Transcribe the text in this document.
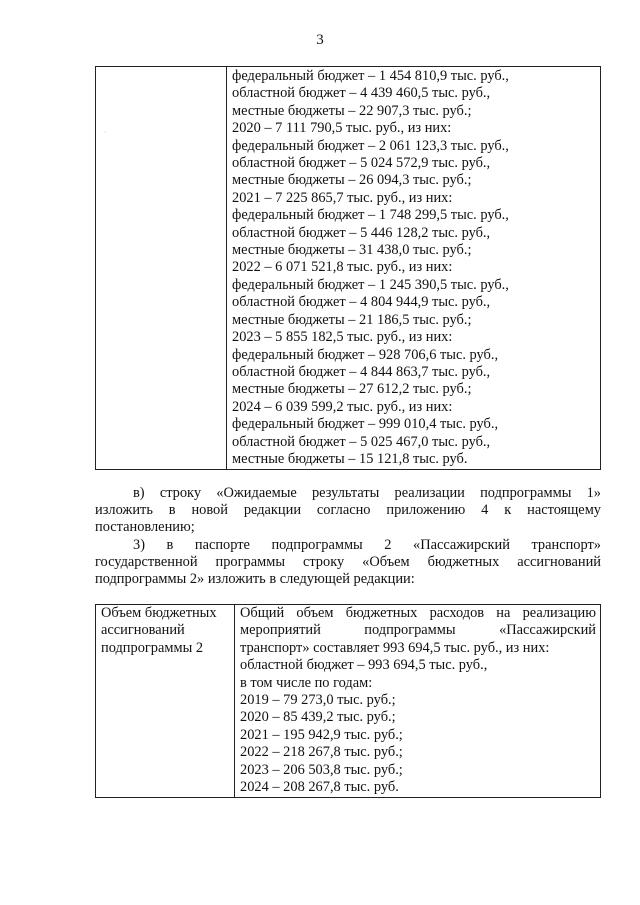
3
·

федеральный бюджет – 1 454 810,9 тыс. руб.,
областной бюджет – 4 439 460,5 тыс. руб.,
местные бюджеты – 22 907,3 тыс. руб.;
2020 – 7 111 790,5 тыс. руб., из них:
федеральный бюджет – 2 061 123,3 тыс. руб.,
областной бюджет – 5 024 572,9 тыс. руб.,
местные бюджеты – 26 094,3 тыс. руб.;
2021 – 7 225 865,7 тыс. руб., из них:
федеральный бюджет – 1 748 299,5 тыс. руб.,
областной бюджет – 5 446 128,2 тыс. руб.,
местные бюджеты – 31 438,0 тыс. руб.;
2022 – 6 071 521,8 тыс. руб., из них:
федеральный бюджет – 1 245 390,5 тыс. руб.,
областной бюджет – 4 804 944,9 тыс. руб.,
местные бюджеты – 21 186,5 тыс. руб.;
2023 – 5 855 182,5 тыс. руб., из них:
федеральный бюджет – 928 706,6 тыс. руб.,
областной бюджет – 4 844 863,7 тыс. руб.,
местные бюджеты – 27 612,2 тыс. руб.;
2024 – 6 039 599,2 тыс. руб., из них:
федеральный бюджет – 999 010,4 тыс. руб.,
областной бюджет – 5 025 467,0 тыс. руб.,
местные бюджеты – 15 121,8 тыс. руб.
в) строку «Ожидаемые результаты реализации подпрограммы 1»
изложить в новой редакции согласно приложению 4 к настоящему
постановлению;
3) в паспорте подпрограммы 2 «Пассажирский транспорт»
государственной программы строку «Объем бюджетных ассигнований
подпрограммы 2» изложить в следующей редакции:
Объем бюджетных
ассигнований
подпрограммы 2

Общий объем бюджетных расходов на реализацию
мероприятий подпрограммы «Пассажирский
транспорт» составляет 993 694,5 тыс. руб., из них:
областной бюджет – 993 694,5 тыс. руб.,
в том числе по годам:
2019 – 79 273,0 тыс. руб.;
2020 – 85 439,2 тыс. руб.;
2021 – 195 942,9 тыс. руб.;
2022 – 218 267,8 тыс. руб.;
2023 – 206 503,8 тыс. руб.;
2024 – 208 267,8 тыс. руб.
